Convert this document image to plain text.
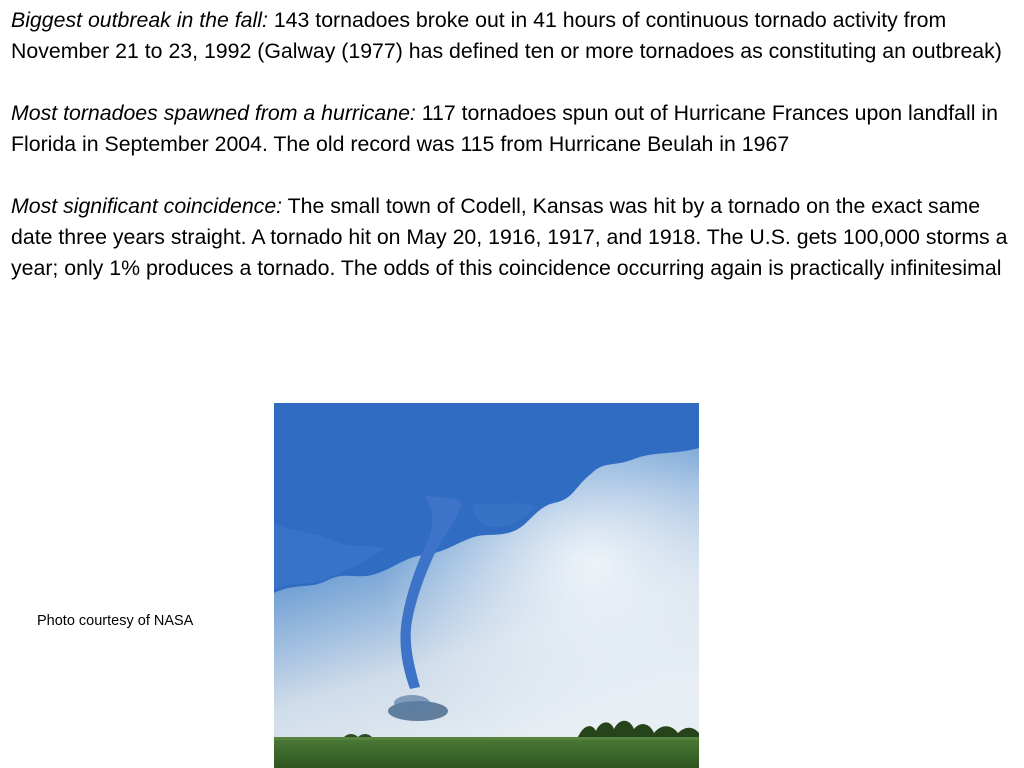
Biggest outbreak in the fall: 143 tornadoes broke out in 41 hours of continuous tornado activity from November 21 to 23, 1992 (Galway (1977) has defined ten or more tornadoes as constituting an outbreak)

Most tornadoes spawned from a hurricane: 117 tornadoes spun out of Hurricane Frances upon landfall in Florida in September 2004. The old record was 115 from Hurricane Beulah in 1967

Most significant coincidence: The small town of Codell, Kansas was hit by a tornado on the exact same date three years straight. A tornado hit on May 20, 1916, 1917, and 1918. The U.S. gets 100,000 storms a year; only 1% produces a tornado. The odds of this coincidence occurring again is practically infinitesimal

Photo courtesy of NASA
